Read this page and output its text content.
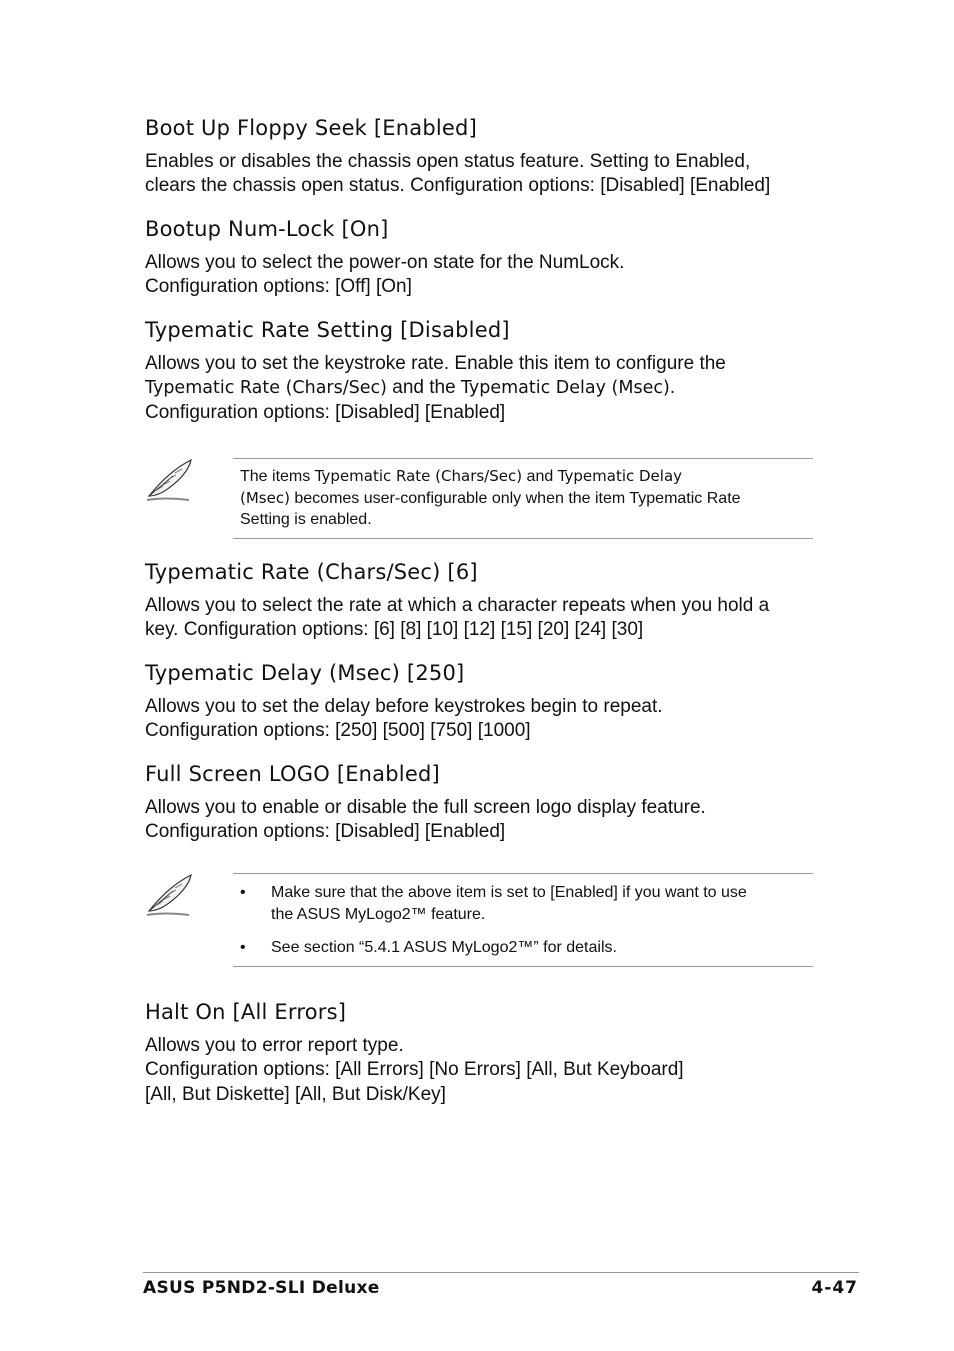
Boot Up Floppy Seek [Enabled]
Enables or disables the chassis open status feature. Setting to Enabled,
clears the chassis open status. Configuration options: [Disabled] [Enabled]
Bootup Num-Lock [On]
Allows you to select the power-on state for the NumLock.
Configuration options: [Off] [On]
Typematic Rate Setting [Disabled]
Allows you to set the keystroke rate. Enable this item to configure the
Typematic Rate (Chars/Sec) and the Typematic Delay (Msec).
Configuration options: [Disabled] [Enabled]
The items Typematic Rate (Chars/Sec) and Typematic Delay
(Msec) becomes user-configurable only when the item Typematic Rate
Setting is enabled.
Typematic Rate (Chars/Sec) [6]
Allows you to select the rate at which a character repeats when you hold a
key. Configuration options: [6] [8] [10] [12] [15] [20] [24] [30]
Typematic Delay (Msec) [250]
Allows you to set the delay before keystrokes begin to repeat.
Configuration options: [250] [500] [750] [1000]
Full Screen LOGO [Enabled]
Allows you to enable or disable the full screen logo display feature.
Configuration options: [Disabled] [Enabled]
• Make sure that the above item is set to [Enabled] if you want to use
the ASUS MyLogo2™ feature.
• See section “5.4.1 ASUS MyLogo2™” for details.
Halt On [All Errors]
Allows you to error report type.
Configuration options: [All Errors] [No Errors] [All, But Keyboard]
[All, But Diskette] [All, But Disk/Key]
ASUS P5ND2-SLI Deluxe	4-47
